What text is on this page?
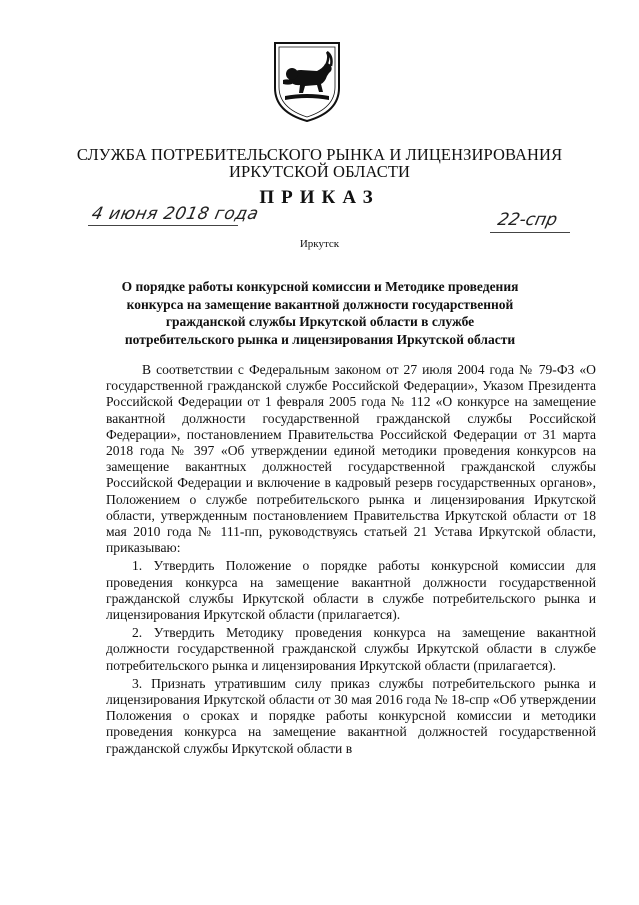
СЛУЖБА ПОТРЕБИТЕЛЬСКОГО РЫНКА И ЛИЦЕНЗИРОВАНИЯ
ИРКУТСКОЙ ОБЛАСТИ
ПРИКАЗ
4 июня 2018 года	22-спр
Иркутск
О порядке работы конкурсной комиссии и Методике проведения конкурса на замещение вакантной должности государственной гражданской службы Иркутской области в службе потребительского рынка и лицензирования Иркутской области

В соответствии с Федеральным законом от 27 июля 2004 года № 79-ФЗ «О государственной гражданской службе Российской Федерации», Указом Президента Российской Федерации от 1 февраля 2005 года № 112 «О конкурсе на замещение вакантной должности государственной гражданской службы Российской Федерации», постановлением Правительства Российской Федерации от 31 марта 2018 года № 397 «Об утверждении единой методики проведения конкурсов на замещение вакантных должностей государственной гражданской службы Российской Федерации и включение в кадровый резерв государственных органов», Положением о службе потребительского рынка и лицензирования Иркутской области, утвержденным постановлением Правительства Иркутской области от 18 мая 2010 года № 111-пп, руководствуясь статьей 21 Устава Иркутской области, приказываю:

1. Утвердить Положение о порядке работы конкурсной комиссии для проведения конкурса на замещение вакантной должности государственной гражданской службы Иркутской области в службе потребительского рынка и лицензирования Иркутской области (прилагается).

2. Утвердить Методику проведения конкурса на замещение вакантной должности государственной гражданской службы Иркутской области в службе потребительского рынка и лицензирования Иркутской области (прилагается).

3. Признать утратившим силу приказ службы потребительского рынка и лицензирования Иркутской области от 30 мая 2016 года № 18-спр «Об утверждении Положения о сроках и порядке работы конкурсной комиссии и методики проведения конкурса на замещение вакантной должностей государственной гражданской службы Иркутской области в
